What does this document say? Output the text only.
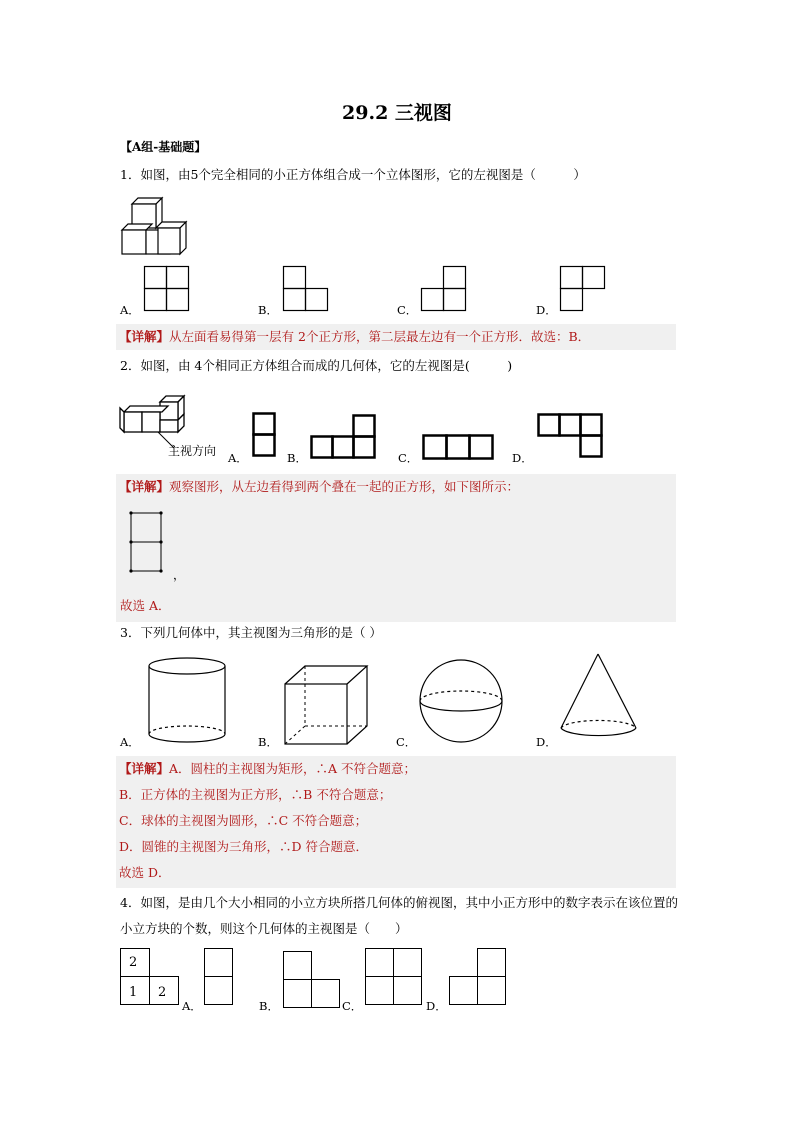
29.2 三视图
【A组-基础题】
1．如图，由5个完全相同的小正方体组合成一个立体图形，它的左视图是（　　　）
A．	B．	C．	D．
【详解】从左面看易得第一层有 2个正方形，第二层最左边有一个正方形．故选：B．
2．如图，由 4个相同正方体组合而成的几何体，它的左视图是(　　　)
主视方向 A．	B．	C．	D．
【详解】观察图形，从左边看得到两个叠在一起的正方形，如下图所示：
，
故选 A．
3．下列几何体中，其主视图为三角形的是（ ）
A．	B．	C．	D．
【详解】A．圆柱的主视图为矩形，∴A 不符合题意；
B．正方体的主视图为正方形，∴B 不符合题意；
C．球体的主视图为圆形，∴C 不符合题意；
D．圆锥的主视图为三角形，∴D 符合题意．
故选 D．
4．如图，是由几个大小相同的小立方块所搭几何体的俯视图，其中小正方形中的数字表示在该位置的小立方块的个数，则这个几何体的主视图是（　　）
2
1 2
A．	B．	C．	D．
